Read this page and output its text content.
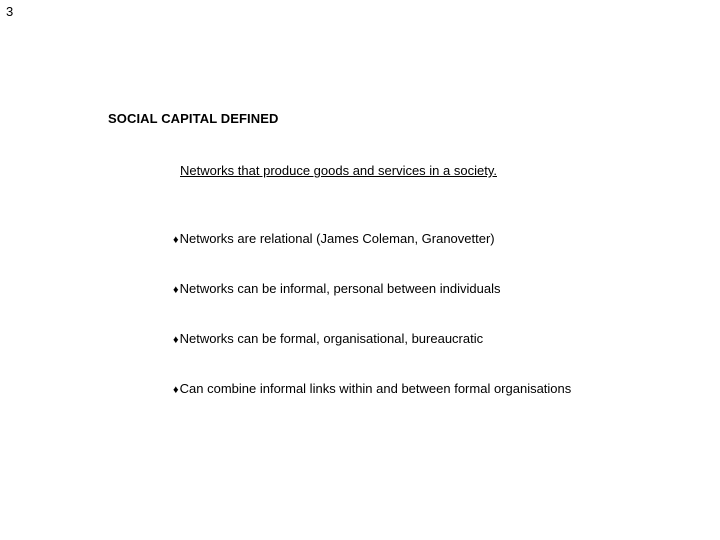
3
SOCIAL CAPITAL DEFINED
Networks that produce goods and services in a society.
♦Networks are relational (James Coleman, Granovetter)
♦Networks can be informal, personal between individuals
♦Networks can be formal, organisational, bureaucratic
♦Can combine informal links within and between formal organisations
